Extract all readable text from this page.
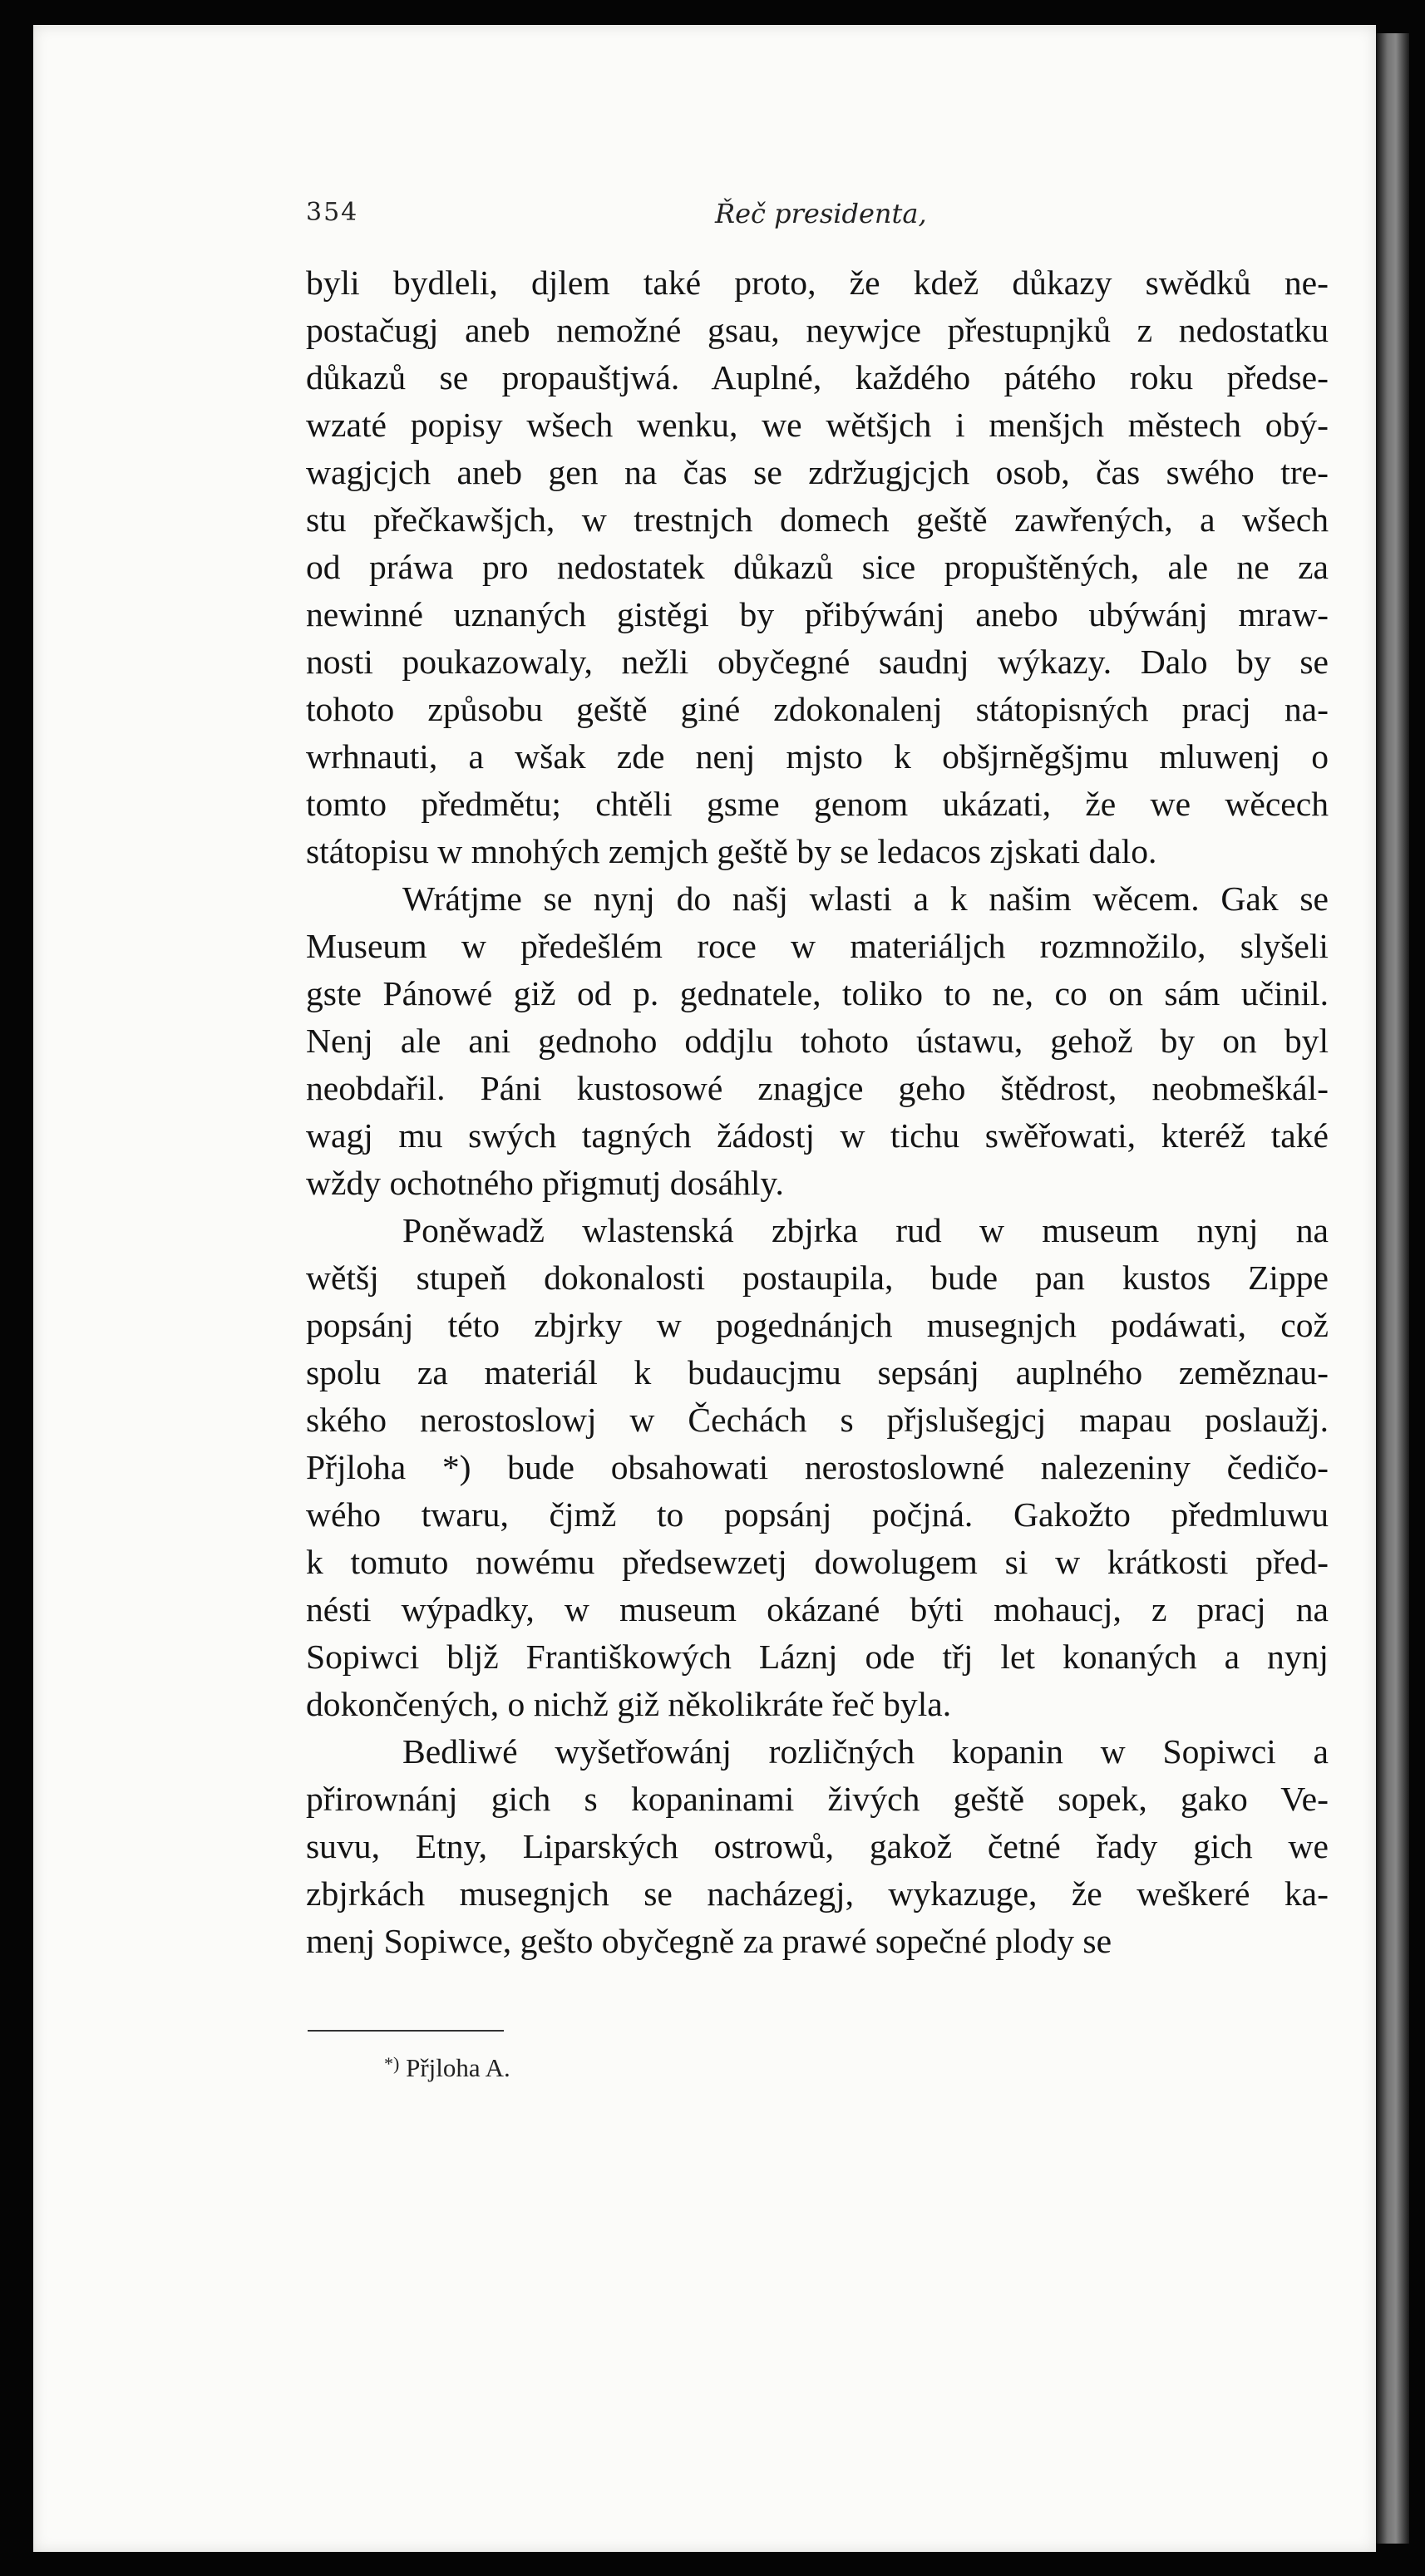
354	Řeč presidenta,
byli bydleli, djlem také proto, že kdež důkazy swědků ne-
postačugj aneb nemožné gsau, neywjce přestupnjků z nedostatku
důkazů se propauštjwá. Auplné, každého pátého roku předse-
wzaté popisy wšech wenku, we wětšjch i menšjch městech obý-
wagjcjch aneb gen na čas se zdržugjcjch osob, čas swého tre-
stu přečkawšjch, w trestnjch domech geště zawřených, a wšech
od práwa pro nedostatek důkazů sice propuštěných, ale ne za
newinné uznaných gistěgi by přibýwánj anebo ubýwánj mraw-
nosti poukazowaly, nežli obyčegné saudnj wýkazy. Dalo by se
tohoto způsobu geště giné zdokonalenj státopisných pracj na-
wrhnauti, a wšak zde nenj mjsto k obšjrněgšjmu mluwenj o
tomto předmětu; chtěli gsme genom ukázati, že we wěcech
státopisu w mnohých zemjch geště by se ledacos zjskati dalo.
Wrátjme se nynj do našj wlasti a k našim wěcem. Gak se
Museum w předešlém roce w materiáljch rozmnožilo, slyšeli
gste Pánowé giž od p. gednatele, toliko to ne, co on sám učinil.
Nenj ale ani gednoho oddjlu tohoto ústawu, gehož by on byl
neobdařil. Páni kustosowé znagjce geho štědrost, neobmeškál-
wagj mu swých tagných žádostj w tichu swěřowati, kteréž také
wždy ochotného přigmutj dosáhly.
Poněwadž wlastenská zbjrka rud w museum nynj na
wětšj stupeň dokonalosti postaupila, bude pan kustos Zippe
popsánj této zbjrky w pogednánjch musegnjch podáwati, což
spolu za materiál k budaucjmu sepsánj auplného zeměznau-
ského nerostoslowj w Čechách s přjslušegjcj mapau poslaužj.
Přjloha *) bude obsahowati nerostoslowné nalezeniny čedičo-
wého twaru, čjmž to popsánj počjná. Gakožto předmluwu
k tomuto nowému předsewzetj dowolugem si w krátkosti před-
nésti wýpadky, w museum okázané býti mohaucj, z pracj na
Sopiwci bljž Františkowých Láznj ode třj let konaných a nynj
dokončených, o nichž giž několikráte řeč byla.
Bedliwé wyšetřowánj rozličných kopanin w Sopiwci a
přirownánj gich s kopaninami živých geště sopek, gako Ve-
suvu, Etny, Liparských ostrowů, gakož četné řady gich we
zbjrkách musegnjch se nacházegj, wykazuge, že weškeré ka-
menj Sopiwce, gešto obyčegně za prawé sopečné plody se
*) Přjloha A.
